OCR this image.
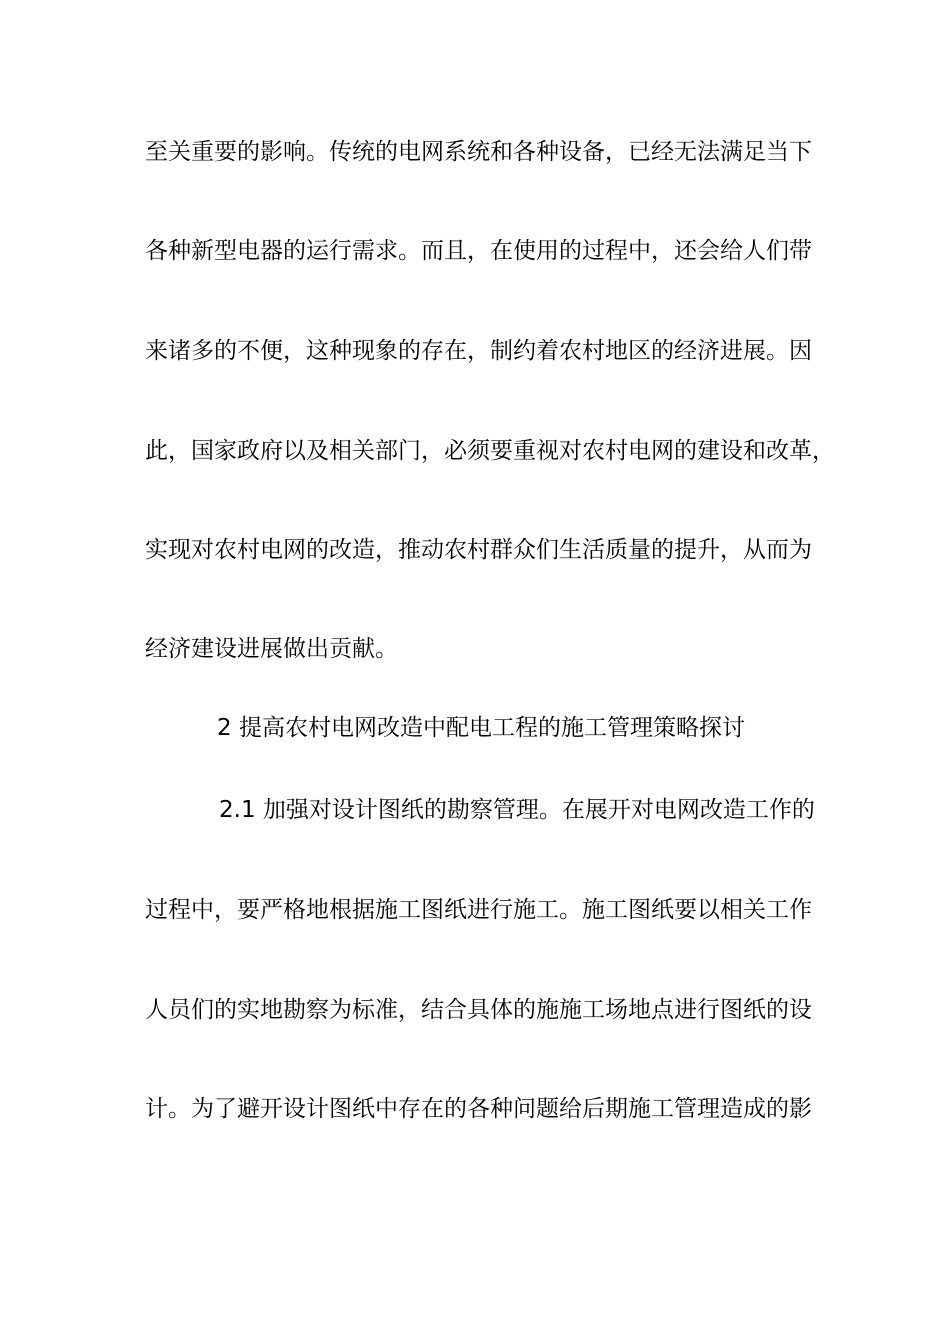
至关重要的影响。传统的电网系统和各种设备，已经无法满足当下
各种新型电器的运行需求。而且，在使用的过程中，还会给人们带
来诸多的不便，这种现象的存在，制约着农村地区的经济进展。因
此，国家政府以及相关部门，必须要重视对农村电网的建设和改革，
实现对农村电网的改造，推动农村群众们生活质量的提升，从而为
经济建设进展做出贡献。
2 提高农村电网改造中配电工程的施工管理策略探讨
2.1 加强对设计图纸的勘察管理。在展开对电网改造工作的
过程中，要严格地根据施工图纸进行施工。施工图纸要以相关工作
人员们的实地勘察为标准，结合具体的施施工场地点进行图纸的设
计。为了避开设计图纸中存在的各种问题给后期施工管理造成的影
